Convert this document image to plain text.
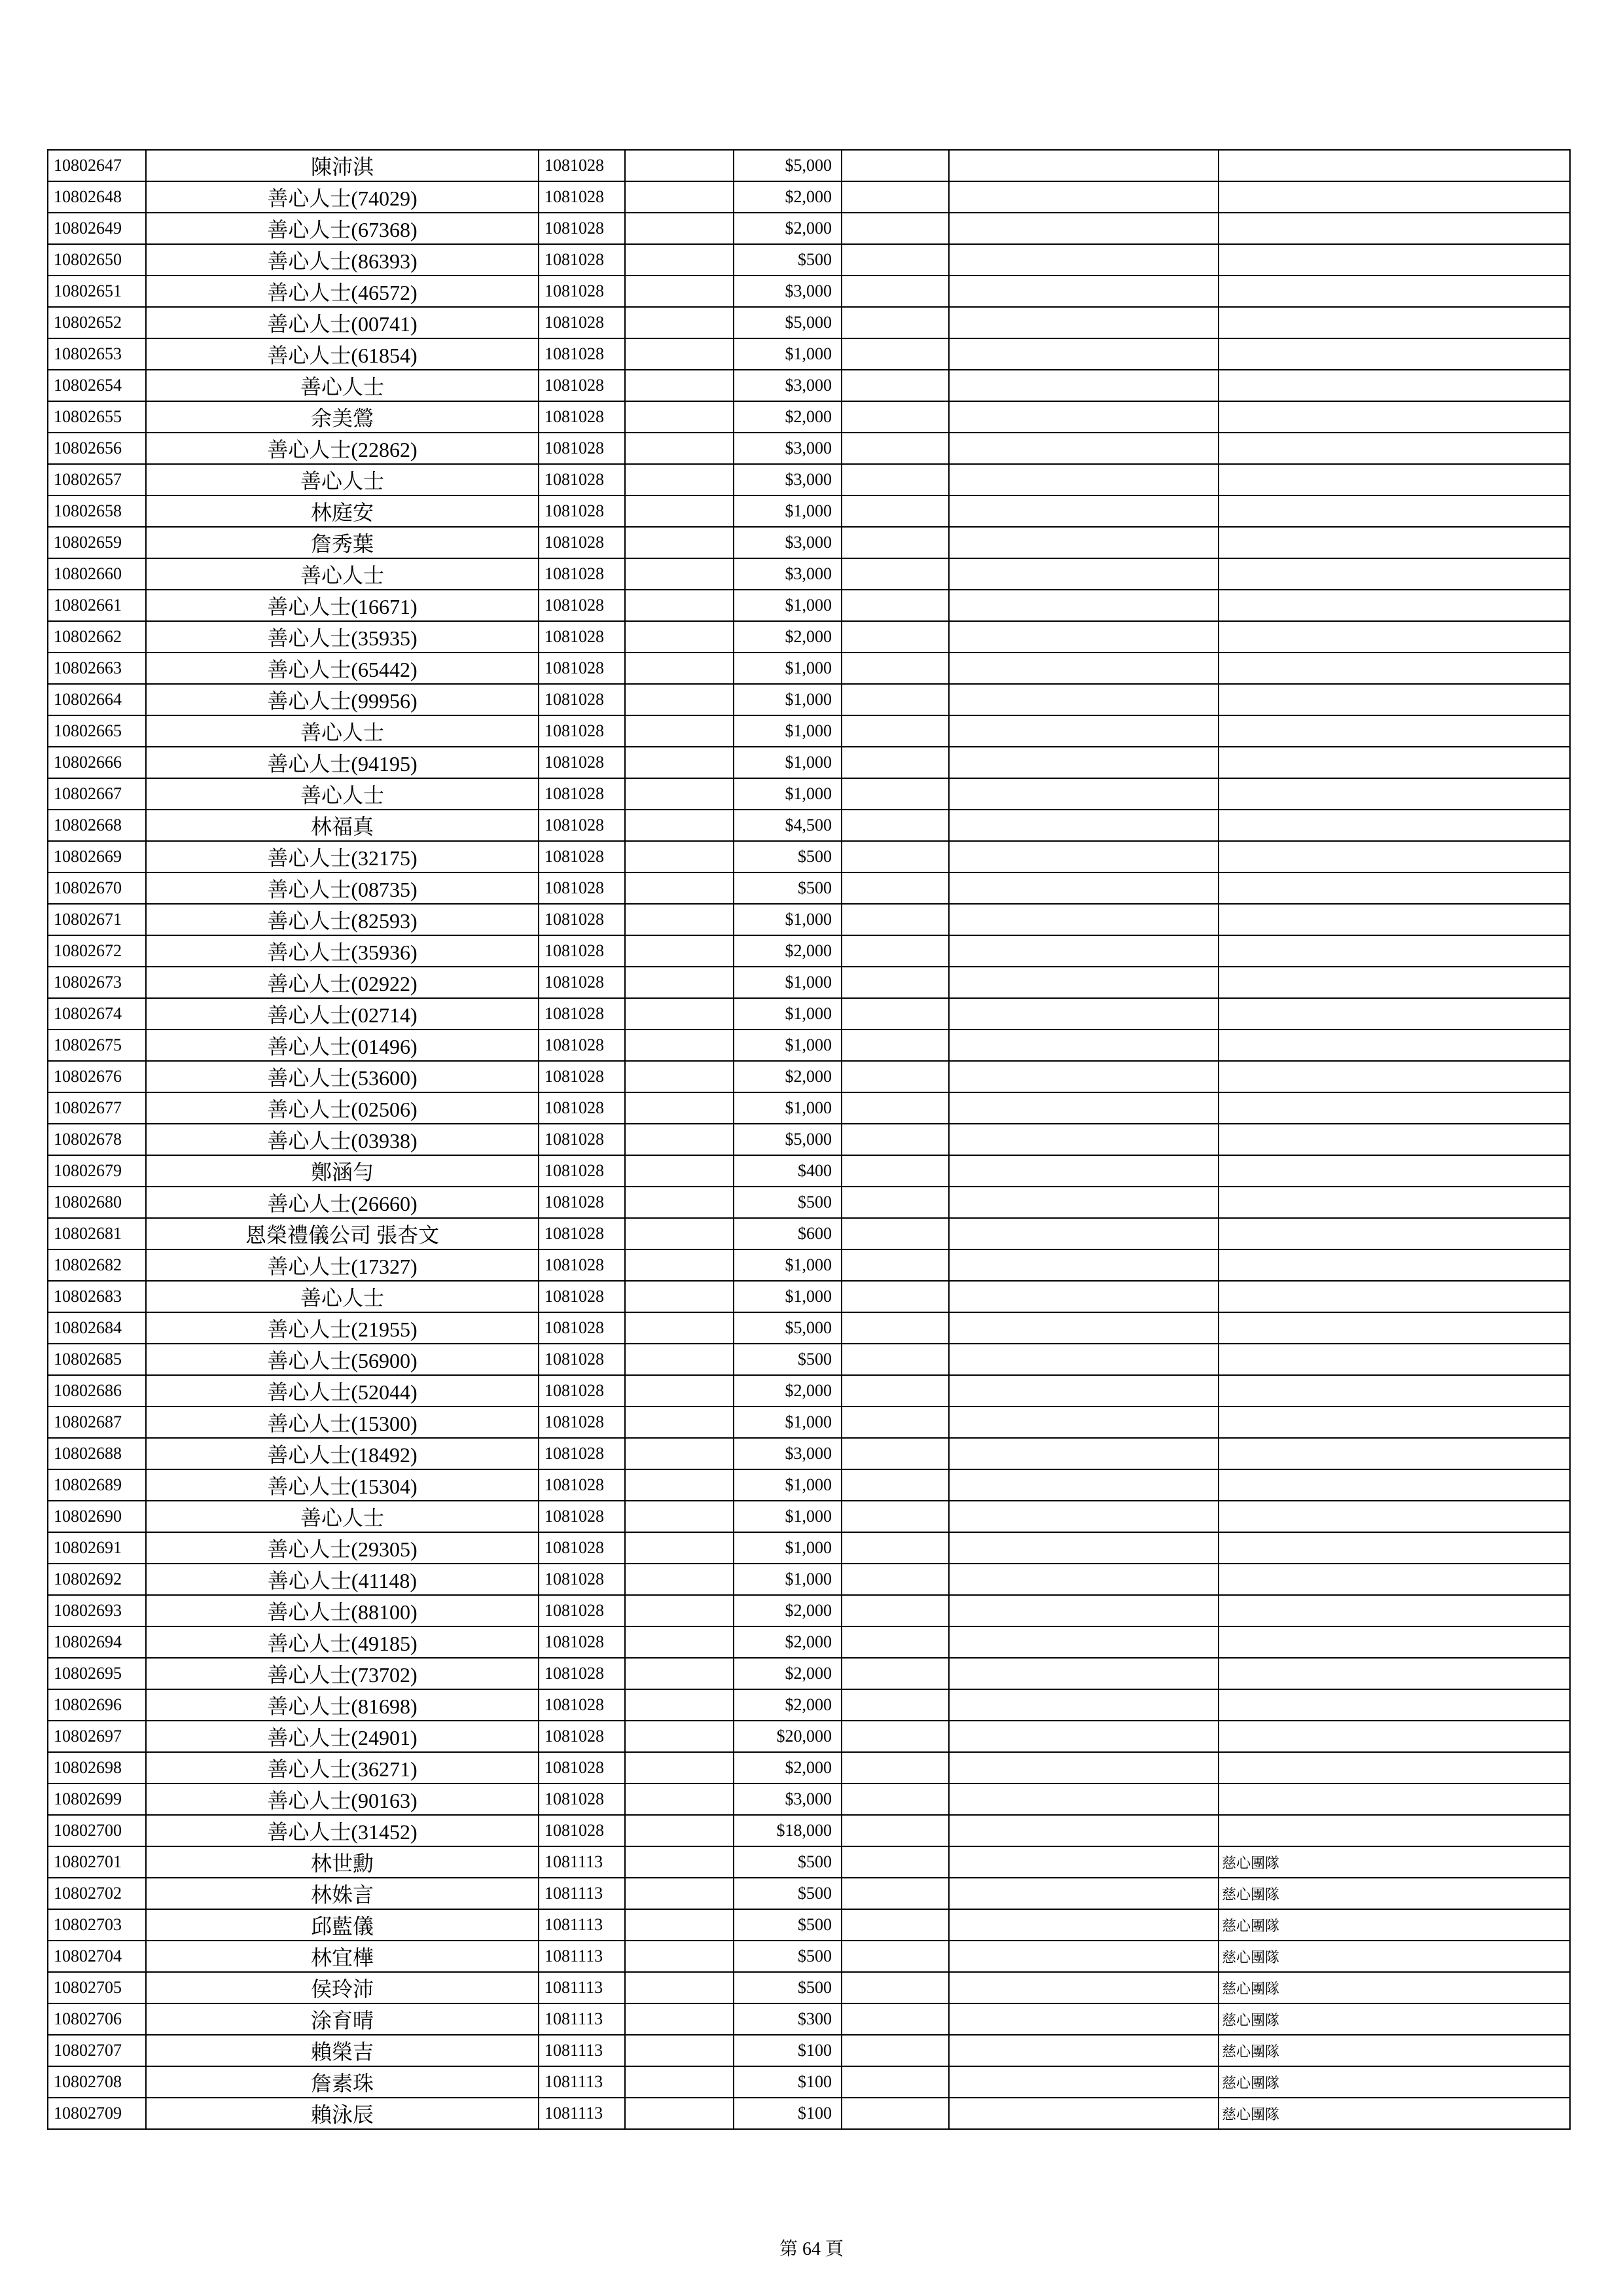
10802647	陳沛淇	1081028		$5,000			
10802648	善心人士(74029)	1081028		$2,000			
10802649	善心人士(67368)	1081028		$2,000			
10802650	善心人士(86393)	1081028		$500			
10802651	善心人士(46572)	1081028		$3,000			
10802652	善心人士(00741)	1081028		$5,000			
10802653	善心人士(61854)	1081028		$1,000			
10802654	善心人士	1081028		$3,000			
10802655	余美鶯	1081028		$2,000			
10802656	善心人士(22862)	1081028		$3,000			
10802657	善心人士	1081028		$3,000			
10802658	林庭安	1081028		$1,000			
10802659	詹秀葉	1081028		$3,000			
10802660	善心人士	1081028		$3,000			
10802661	善心人士(16671)	1081028		$1,000			
10802662	善心人士(35935)	1081028		$2,000			
10802663	善心人士(65442)	1081028		$1,000			
10802664	善心人士(99956)	1081028		$1,000			
10802665	善心人士	1081028		$1,000			
10802666	善心人士(94195)	1081028		$1,000			
10802667	善心人士	1081028		$1,000			
10802668	林福真	1081028		$4,500			
10802669	善心人士(32175)	1081028		$500			
10802670	善心人士(08735)	1081028		$500			
10802671	善心人士(82593)	1081028		$1,000			
10802672	善心人士(35936)	1081028		$2,000			
10802673	善心人士(02922)	1081028		$1,000			
10802674	善心人士(02714)	1081028		$1,000			
10802675	善心人士(01496)	1081028		$1,000			
10802676	善心人士(53600)	1081028		$2,000			
10802677	善心人士(02506)	1081028		$1,000			
10802678	善心人士(03938)	1081028		$5,000			
10802679	鄭涵勻	1081028		$400			
10802680	善心人士(26660)	1081028		$500			
10802681	恩榮禮儀公司 張杏文	1081028		$600			
10802682	善心人士(17327)	1081028		$1,000			
10802683	善心人士	1081028		$1,000			
10802684	善心人士(21955)	1081028		$5,000			
10802685	善心人士(56900)	1081028		$500			
10802686	善心人士(52044)	1081028		$2,000			
10802687	善心人士(15300)	1081028		$1,000			
10802688	善心人士(18492)	1081028		$3,000			
10802689	善心人士(15304)	1081028		$1,000			
10802690	善心人士	1081028		$1,000			
10802691	善心人士(29305)	1081028		$1,000			
10802692	善心人士(41148)	1081028		$1,000			
10802693	善心人士(88100)	1081028		$2,000			
10802694	善心人士(49185)	1081028		$2,000			
10802695	善心人士(73702)	1081028		$2,000			
10802696	善心人士(81698)	1081028		$2,000			
10802697	善心人士(24901)	1081028		$20,000			
10802698	善心人士(36271)	1081028		$2,000			
10802699	善心人士(90163)	1081028		$3,000			
10802700	善心人士(31452)	1081028		$18,000			
10802701	林世勳	1081113		$500			慈心團隊
10802702	林姝言	1081113		$500			慈心團隊
10802703	邱藍儀	1081113		$500			慈心團隊
10802704	林宜樺	1081113		$500			慈心團隊
10802705	侯玲沛	1081113		$500			慈心團隊
10802706	涂育晴	1081113		$300			慈心團隊
10802707	賴榮吉	1081113		$100			慈心團隊
10802708	詹素珠	1081113		$100			慈心團隊
10802709	賴泳辰	1081113		$100			慈心團隊
第 64 頁
